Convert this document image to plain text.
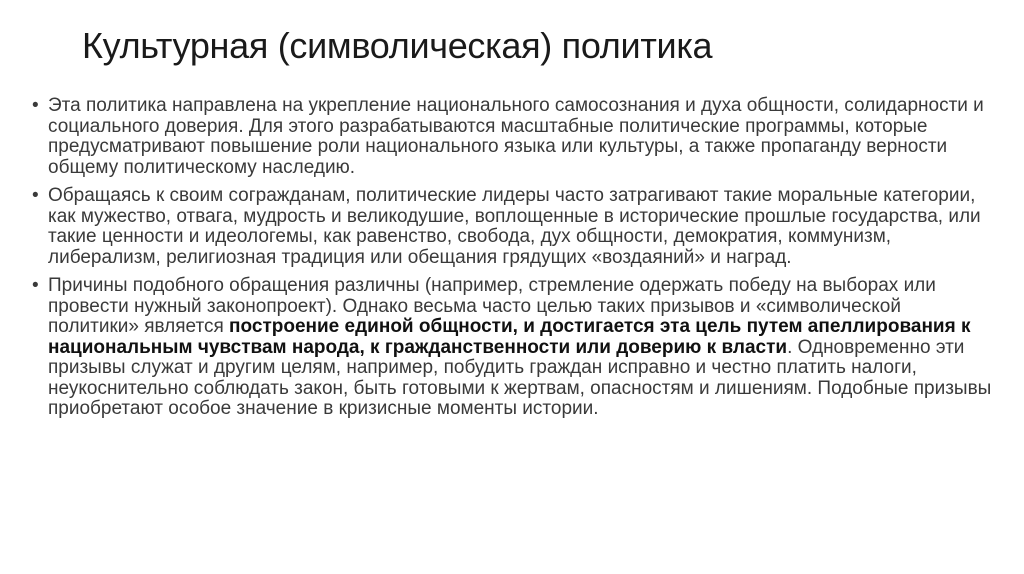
Культурная (символическая) политика
• Эта политика направлена на укрепление национального самосознания и духа общности, солидарности и социального доверия. Для этого разрабатываются масштабные политические программы, которые предусматривают повышение роли национального языка или культуры, а также пропаганду верности общему политическому наследию.
• Обращаясь к своим согражданам, политические лидеры часто затрагивают такие моральные категории, как мужество, отвага, мудрость и великодушие, воплощенные в исторические прошлые государства, или такие ценности и идеологемы, как равенство, свобода, дух общности, демократия, коммунизм, либерализм, религиозная традиция или обещания грядущих «воздаяний» и наград.
• Причины подобного обращения различны (например, стремление одержать победу на выборах или провести нужный законопроект). Однако весьма часто целью таких призывов и «символической политики» является построение единой общности, и достигается эта цель путем апеллирования к национальным чувствам народа, к гражданственности или доверию к власти. Одновременно эти призывы служат и другим целям, например, побудить граждан исправно и честно платить налоги, неукоснительно соблюдать закон, быть готовыми к жертвам, опасностям и лишениям. Подобные призывы приобретают особое значение в кризисные моменты истории.
